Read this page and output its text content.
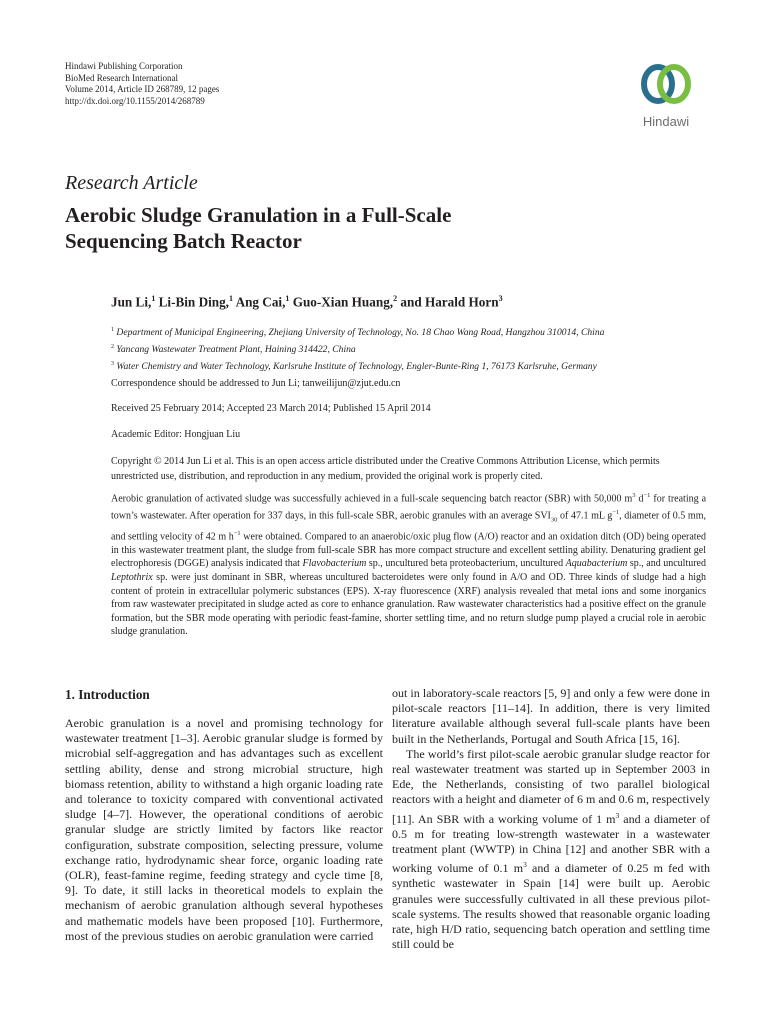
Hindawi Publishing Corporation
BioMed Research International
Volume 2014, Article ID 268789, 12 pages
http://dx.doi.org/10.1155/2014/268789
Hindawi
Research Article
Aerobic Sludge Granulation in a Full-Scale
Sequencing Batch Reactor
Jun Li,$^1$ Li-Bin Ding,$^1$ Ang Cai,$^1$ Guo-Xian Huang,$^2$ and Harald Horn$^3$
$^1$ Department of Municipal Engineering, Zhejiang University of Technology, No. 18 Chao Wang Road, Hangzhou 310014, China
$^2$ Yancang Wastewater Treatment Plant, Haining 314422, China
$^3$ Water Chemistry and Water Technology, Karlsruhe Institute of Technology, Engler-Bunte-Ring 1, 76173 Karlsruhe, Germany
Correspondence should be addressed to Jun Li; tanweilijun@zjut.edu.cn
Received 25 February 2014; Accepted 23 March 2014; Published 15 April 2014
Academic Editor: Hongjuan Liu
Copyright © 2014 Jun Li et al. This is an open access article distributed under the Creative Commons Attribution License, which permits unrestricted use, distribution, and reproduction in any medium, provided the original work is properly cited.
Aerobic granulation of activated sludge was successfully achieved in a full-scale sequencing batch reactor (SBR) with 50,000 $m^3$ $d^{-1}$ for treating a town’s wastewater. After operation for 337 days, in this full-scale SBR, aerobic granules with an average $SVI_{30}$ of 47.1 mL $g^{-1}$, diameter of 0.5 mm, and settling velocity of 42 m $h^{-1}$ were obtained. Compared to an anaerobic/oxic plug flow (A/O) reactor and an oxidation ditch (OD) being operated in this wastewater treatment plant, the sludge from full-scale SBR has more compact structure and excellent settling ability. Denaturing gradient gel electrophoresis (DGGE) analysis indicated that Flavobacterium sp., uncultured beta proteobacterium, uncultured Aquabacterium sp., and uncultured Leptothrix sp. were just dominant in SBR, whereas uncultured bacteroidetes were only found in A/O and OD. Three kinds of sludge had a high content of protein in extracellular polymeric substances (EPS). X-ray fluorescence (XRF) analysis revealed that metal ions and some inorganics from raw wastewater precipitated in sludge acted as core to enhance granulation. Raw wastewater characteristics had a positive effect on the granule formation, but the SBR mode operating with periodic feast-famine, shorter settling time, and no return sludge pump played a crucial role in aerobic sludge granulation.
1. Introduction

Aerobic granulation is a novel and promising technology for wastewater treatment [1–3]. Aerobic granular sludge is formed by microbial self-aggregation and has advantages such as excellent settling ability, dense and strong microbial structure, high biomass retention, ability to withstand a high organic loading rate and tolerance to toxicity compared with conventional activated sludge [4–7]. However, the operational conditions of aerobic granular sludge are strictly limited by factors like reactor configuration, substrate composition, selecting pressure, volume exchange ratio, hydrodynamic shear force, organic loading rate (OLR), feast-famine regime, feeding strategy and cycle time [8, 9]. To date, it still lacks in theoretical models to explain the mechanism of aerobic granulation although several hypotheses and mathematic models have been proposed [10]. Furthermore, most of the previous studies on aerobic granulation were carried

out in laboratory-scale reactors [5, 9] and only a few were done in pilot-scale reactors [11–14]. In addition, there is very limited literature available although several full-scale plants have been built in the Netherlands, Portugal and South Africa [15, 16].

The world’s first pilot-scale aerobic granular sludge reactor for real wastewater treatment was started up in September 2003 in Ede, the Netherlands, consisting of two parallel biological reactors with a height and diameter of 6 m and 0.6 m, respectively [11]. An SBR with a working volume of 1 $m^3$ and a diameter of 0.5 m for treating low-strength wastewater in a wastewater treatment plant (WWTP) in China [12] and another SBR with a working volume of 0.1 $m^3$ and a diameter of 0.25 m fed with synthetic wastewater in Spain [14] were built up. Aerobic granules were successfully cultivated in all these previous pilot-scale systems. The results showed that reasonable organic loading rate, high H/D ratio, sequencing batch operation and settling time still could be
